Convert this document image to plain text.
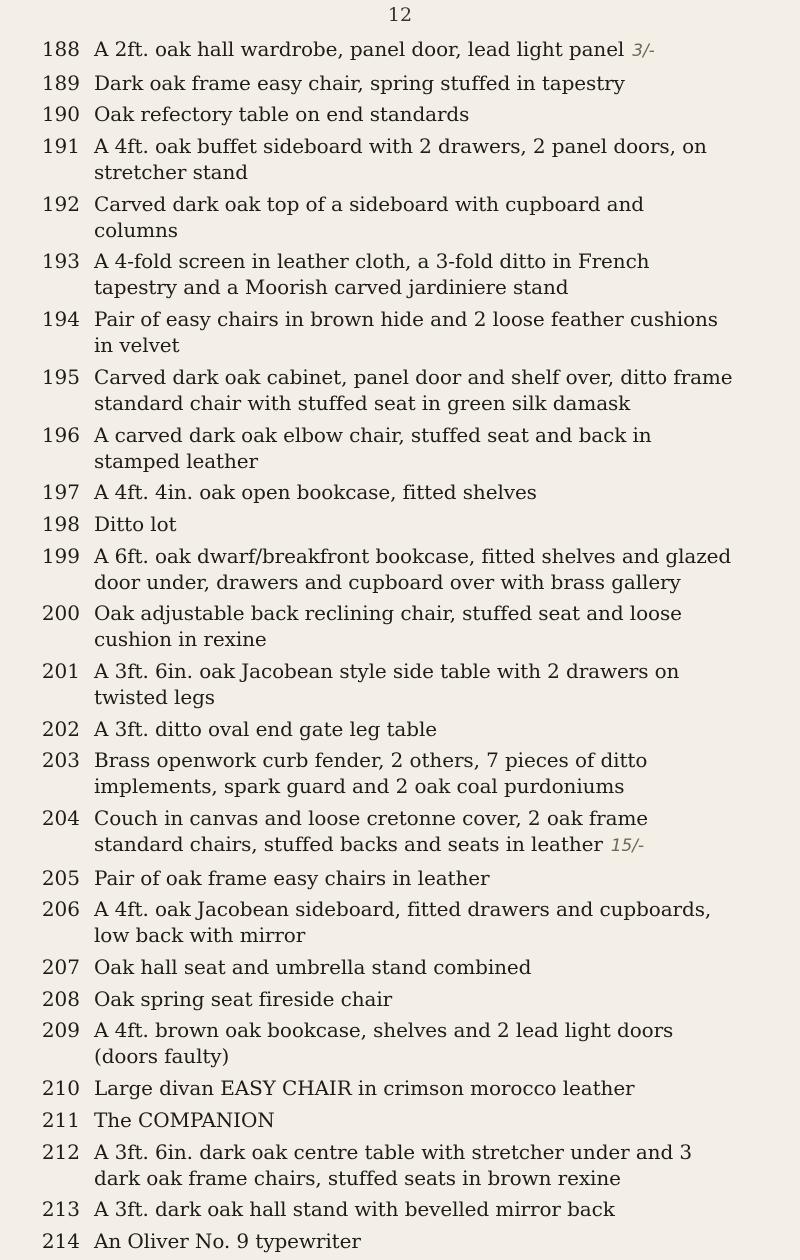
12
188 A 2ft. oak hall wardrobe, panel door, lead light panel 3/-
189 Dark oak frame easy chair, spring stuffed in tapestry
190 Oak refectory table on end standards
191 A 4ft. oak buffet sideboard with 2 drawers, 2 panel doors, on stretcher stand
192 Carved dark oak top of a sideboard with cupboard and columns
193 A 4-fold screen in leather cloth, a 3-fold ditto in French tapestry and a Moorish carved jardiniere stand
194 Pair of easy chairs in brown hide and 2 loose feather cushions in velvet
195 Carved dark oak cabinet, panel door and shelf over, ditto frame standard chair with stuffed seat in green silk damask
196 A carved dark oak elbow chair, stuffed seat and back in stamped leather
197 A 4ft. 4in. oak open bookcase, fitted shelves
198 Ditto lot
199 A 6ft. oak dwarf/breakfront bookcase, fitted shelves and glazed door under, drawers and cupboard over with brass gallery
200 Oak adjustable back reclining chair, stuffed seat and loose cushion in rexine
201 A 3ft. 6in. oak Jacobean style side table with 2 drawers on twisted legs
202 A 3ft. ditto oval end gate leg table
203 Brass openwork curb fender, 2 others, 7 pieces of ditto implements, spark guard and 2 oak coal purdoniums
204 Couch in canvas and loose cretonne cover, 2 oak frame standard chairs, stuffed backs and seats in leather 15/-
205 Pair of oak frame easy chairs in leather
206 A 4ft. oak Jacobean sideboard, fitted drawers and cupboards, low back with mirror
207 Oak hall seat and umbrella stand combined
208 Oak spring seat fireside chair
209 A 4ft. brown oak bookcase, shelves and 2 lead light doors (doors faulty)
210 Large divan EASY CHAIR in crimson morocco leather
211 The COMPANION
212 A 3ft. 6in. dark oak centre table with stretcher under and 3 dark oak frame chairs, stuffed seats in brown rexine
213 A 3ft. dark oak hall stand with bevelled mirror back
214 An Oliver No. 9 typewriter
